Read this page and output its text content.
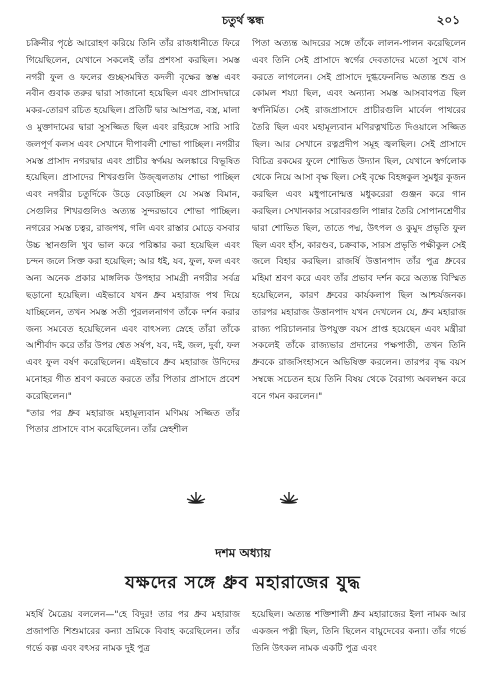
চতুর্থ স্কন্ধ	২০১

চক্রিনীর পৃষ্ঠে আরোহণ করিয়ে তিনি তাঁর রাজধানীতে ফিরে গিয়েছিলেন, যেখানে সকলেই তাঁর প্রশংসা করছিল। সমস্ত নগরী ফুল ও ফলের গুচ্ছসমন্বিত কদলী বৃক্ষের স্তম্ভ এবং নবীন গুবাক তরুর দ্বারা সাজানো হয়েছিল এবং প্রাসাদদ্বারে মকর-তোরণ রচিত হয়েছিল। প্রতিটি দ্বার আম্রপত্র, বস্ত্র, মালা ও মুক্তাদামের দ্বারা সুসজ্জিত ছিল এবং রহিরঙ্গে সারি সারি জলপূর্ণ কলস এবং সেখানে দীপাবলী শোভা পাচ্ছিল। নগরীর সমস্ত প্রাসাদ নগরদ্বার এবং প্রাচীর স্বর্ণময় অলঙ্কারে বিভূষিত হয়েছিল। প্রাসাদের শিখরগুলি উজ্জ্বলতায় শোভা পাচ্ছিল এবং নগরীর চতুর্দিকে উড়ে বেড়াচ্ছিল যে সমস্ত বিমান, সেগুলির শিখরগুলিও অত্যন্ত সুন্দরভাবে শোভা পাচ্ছিল। নগরের সমস্ত চত্বর, রাজপথ, গলি এবং রাস্তার মোড়ে বসবার উচ্চ স্থানগুলি খুব ভাল করে পরিষ্কার করা হয়েছিল এবং চন্দন জলে সিক্ত করা হয়েছিল; আর ধই, যব, ফুল, ফল এবং অন্য অনেক প্রকার মাঙ্গলিক উপহার সামগ্রী নগরীর সর্বত্র ছড়ানো হয়েছিল। এইভাবে যখন ধ্রুব মহারাজ পথ দিয়ে যাচ্ছিলেন, তখন সমস্ত সতী পুরললনাগণ তাঁকে দর্শন করার জন্য সমবেত হয়েছিলেন এবং বাৎসল্য স্নেহে তাঁরা তাঁকে আশীর্বাদ করে তাঁর উপর শ্বেত সর্ষপ, যব, দই, জল, দুর্বা, ফল এবং ফুল বর্ষণ করেছিলেন। এইভাবে ধ্রুব মহারাজ উদিদের মনোহর গীত শ্রবণ করতে করতে তাঁর পিতার প্রাসাদে প্রবেশ করেছিলেন।"

"তার পর ধ্রুব মহারাজ মহামূল্যবান মণিময় সজ্জিত তাঁর পিতার প্রাসাদে বাস করেছিলেন। তাঁর স্নেহশীল

পিতা অত্যন্ত আদরের সঙ্গে তাঁকে লালন-পালন করেছিলেন এবং তিনি সেই প্রাসাদে স্বর্গের দেবতাদের মতো সুখে বাস করতে লাগলেন। সেই প্রাসাদে দুগ্ধফেননিভ অত্যন্ত শুভ্র ও কোমল শয্যা ছিল, এবং অন্যান্য সমস্ত আসবাবপত্র ছিল স্বর্ণনির্মিত। সেই রাজপ্রাসাদে প্রাচীরগুলি মার্বেল পাথরের তৈরি ছিল এবং মহামূল্যবান মণিরত্নখচিত দিওয়ালে সজ্জিত ছিল। আর সেখানে রত্নপ্রদীপ সমূহ জ্বলছিল। সেই প্রাসাদে বিচিত্র রকমের ফুলে শোভিত উদ্যান ছিল, যেখানে স্বর্গলোক থেকে নিয়ে আসা বৃক্ষ ছিল। সেই বৃক্ষে বিহঙ্গকুল সুমধুর কূজন করছিল এবং মধুপানোন্মত্ত মধুকরেরা গুঞ্জন করে গান করছিল। সেখানকার সরোবরগুলি পান্নার তৈরি সোপানশ্রেণীর দ্বারা শোভিত ছিল, তাতে পদ্ম, উৎপল ও কুমুদ প্রভৃতি ফুল ছিল এবং হাঁস, কারণ্ডব, চক্রবাক, সারস প্রভৃতি পক্ষীকুল সেই জলে বিহার করছিল। রাজর্ষি উত্তানপাদ তাঁর পুত্র ধ্রুবের মহিমা শ্রবণ করে এবং তাঁর প্রভাব দর্শন করে অত্যন্ত বিস্মিত হয়েছিলেন, কারণ ধ্রুবের কার্যকলাপ ছিল আশ্চর্যজনক। তারপর মহারাজ উত্তানপাদ যখন দেখলেন যে, ধ্রুব মহারাজ রাজ্য পরিচালনার উপযুক্ত বয়স প্রাপ্ত হয়েছেন এবং মন্ত্রীরা সকলেই তাঁকে রাজ্যভার প্রদানের পক্ষপাতী, তখন তিনি ধ্রুবকে রাজসিংহাসনে অভিষিক্ত করলেন। তারপর বৃদ্ধ বয়স সম্বন্ধে সচেতন হয়ে তিনি বিষয় থেকে বৈরাগ্য অবলম্বন করে বনে গমন করলেন।"

দশম অধ্যায়
যক্ষদের সঙ্গে ধ্রুব মহারাজের যুদ্ধ

মহর্ষি মৈত্রেয় বললেন—"হে বিদুর! তার পর ধ্রুব মহারাজ প্রজাপতি শিশুমারের কন্যা ভ্রমিকে বিবাহ করেছিলেন। তাঁর গর্ভে কল্প এবং বৎসর নামক দুই পুত্র

হয়েছিল। অত্যন্ত শক্তিশালী ধ্রুব মহারাজের ইলা নামক আর একজন পত্নী ছিল, তিনি ছিলেন বায়ুদেবের কন্যা। তাঁর গর্ভে তিনি উৎকল নামক একটি পুত্র এবং
